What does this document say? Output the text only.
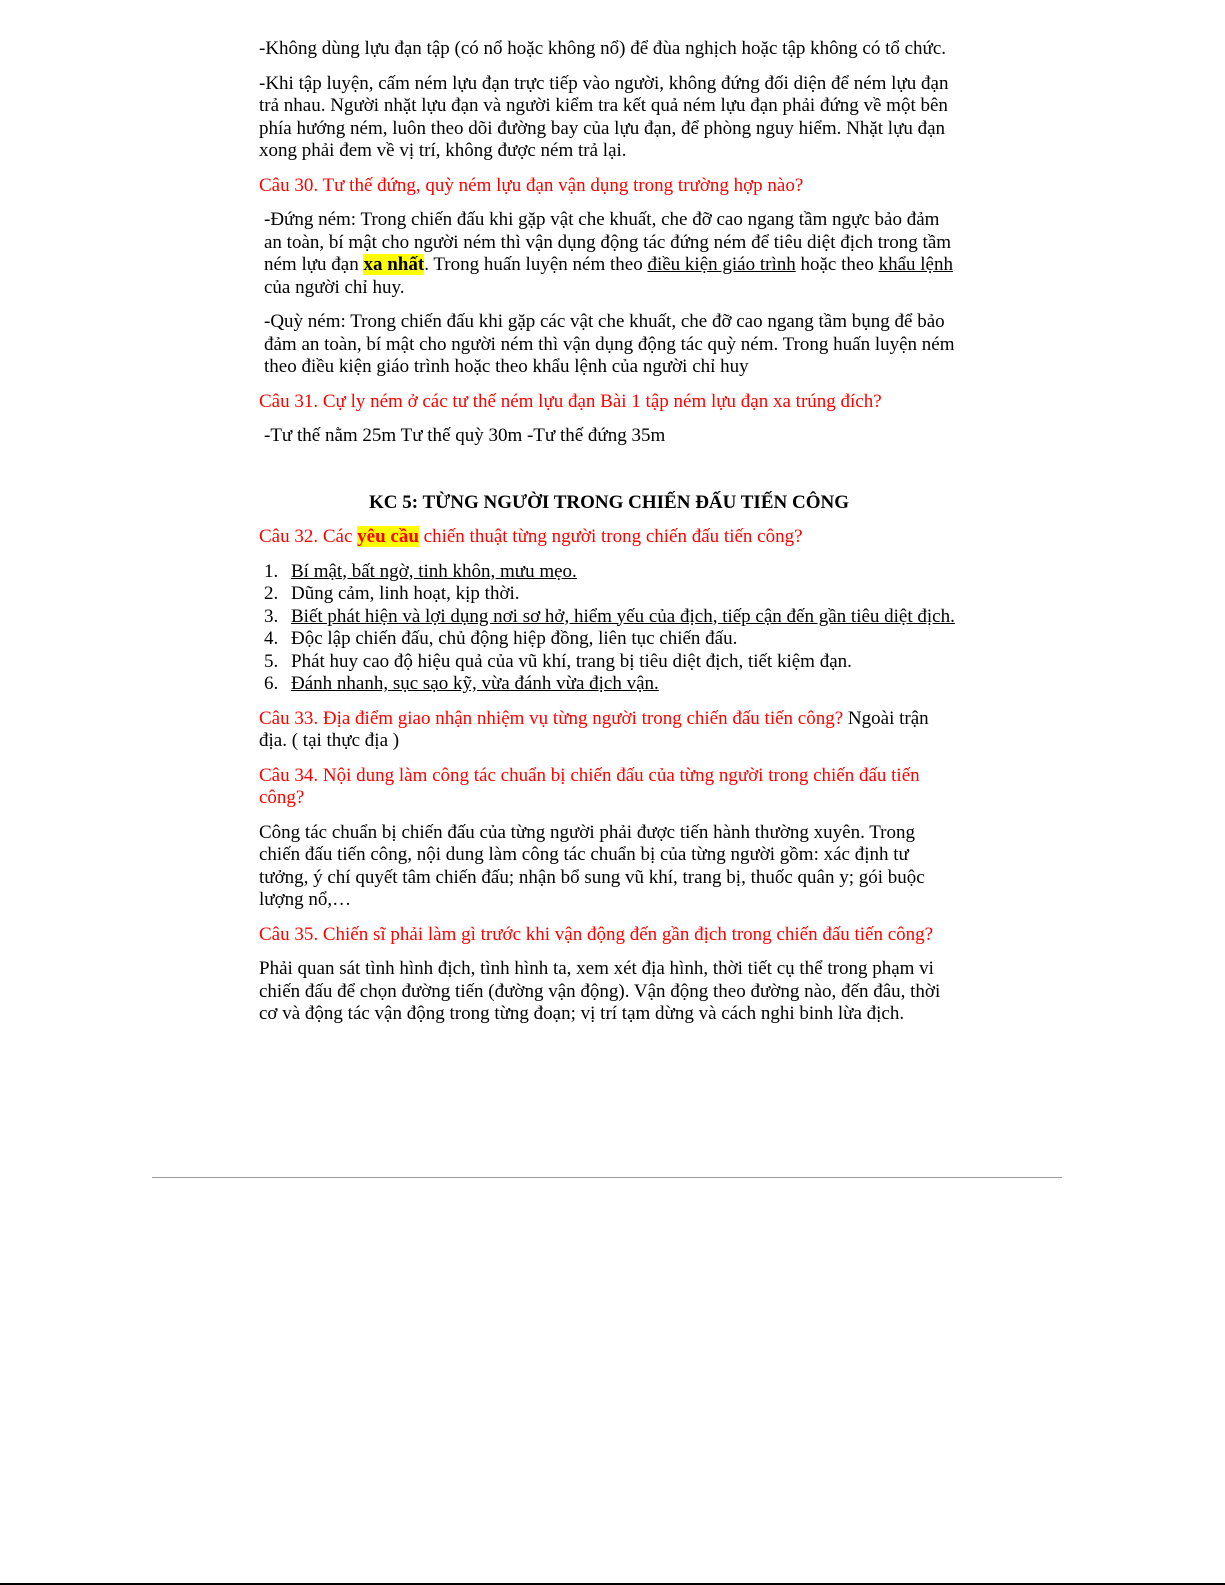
-Không dùng lựu đạn tập (có nổ hoặc không nổ) để đùa nghịch hoặc tập không có tổ chức.

-Khi tập luyện, cấm ném lựu đạn trực tiếp vào người, không đứng đối diện để ném lựu đạn trả nhau. Người nhặt lựu đạn và người kiểm tra kết quả ném lựu đạn phải đứng về một bên phía hướng ném, luôn theo dõi đường bay của lựu đạn, để phòng nguy hiểm. Nhặt lựu đạn xong phải đem về vị trí, không được ném trả lại.

Câu 30. Tư thế đứng, quỳ ném lựu đạn vận dụng trong trường hợp nào?

-Đứng ném: Trong chiến đấu khi gặp vật che khuất, che đỡ cao ngang tầm ngực bảo đảm an toàn, bí mật cho người ném thì vận dụng động tác đứng ném để tiêu diệt địch trong tầm ném lựu đạn xa nhất. Trong huấn luyện ném theo điều kiện giáo trình hoặc theo khẩu lệnh của người chỉ huy.

-Quỳ ném: Trong chiến đấu khi gặp các vật che khuất, che đỡ cao ngang tầm bụng để bảo đảm an toàn, bí mật cho người ném thì vận dụng động tác quỳ ném. Trong huấn luyện ném theo điều kiện giáo trình hoặc theo khẩu lệnh của người chỉ huy

Câu 31. Cự ly ném ở các tư thế ném lựu đạn Bài 1 tập ném lựu đạn xa trúng đích?

-Tư thế nằm 25m Tư thế quỳ 30m -Tư thế đứng 35m

KC 5: TỪNG NGƯỜI TRONG CHIẾN ĐẤU TIẾN CÔNG

Câu 32. Các yêu cầu chiến thuật từng người trong chiến đấu tiến công?

1. Bí mật, bất ngờ, tinh khôn, mưu mẹo.
2. Dũng cảm, linh hoạt, kịp thời.
3. Biết phát hiện và lợi dụng nơi sơ hở, hiểm yếu của địch, tiếp cận đến gần tiêu diệt địch.
4. Độc lập chiến đấu, chủ động hiệp đồng, liên tục chiến đấu.
5. Phát huy cao độ hiệu quả của vũ khí, trang bị tiêu diệt địch, tiết kiệm đạn.
6. Đánh nhanh, sục sạo kỹ, vừa đánh vừa địch vận.

Câu 33. Địa điểm giao nhận nhiệm vụ từng người trong chiến đấu tiến công? Ngoài trận địa. ( tại thực địa )

Câu 34. Nội dung làm công tác chuẩn bị chiến đấu của từng người trong chiến đấu tiến công?

Công tác chuẩn bị chiến đấu của từng người phải được tiến hành thường xuyên. Trong chiến đấu tiến công, nội dung làm công tác chuẩn bị của từng người gồm: xác định tư tưởng, ý chí quyết tâm chiến đấu; nhận bổ sung vũ khí, trang bị, thuốc quân y; gói buộc lượng nổ,…

Câu 35. Chiến sĩ phải làm gì trước khi vận động đến gần địch trong chiến đấu tiến công?

Phải quan sát tình hình địch, tình hình ta, xem xét địa hình, thời tiết cụ thể trong phạm vi chiến đấu để chọn đường tiến (đường vận động). Vận động theo đường nào, đến đâu, thời cơ và động tác vận động trong từng đoạn; vị trí tạm dừng và cách nghi binh lừa địch.
